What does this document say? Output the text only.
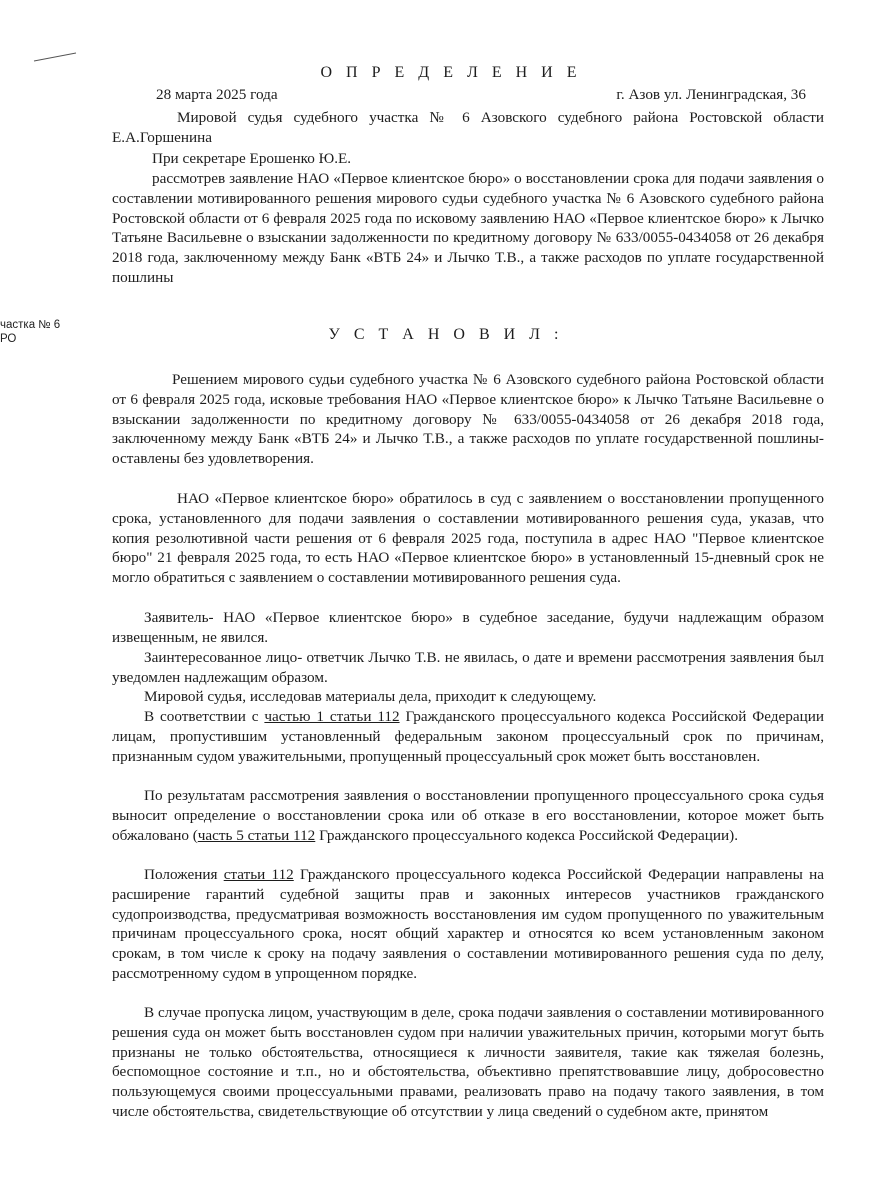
частка № 6
РО
О П Р Е Д Е Л Е Н И Е
28 марта 2025 года	г. Азов ул. Ленинградская, 36
Мировой судья судебного участка № 6 Азовского судебного района Ростовской области Е.А.Горшенина
При секретаре Ерошенко Ю.Е.
рассмотрев заявление НАО «Первое клиентское бюро» о восстановлении срока для подачи заявления о составлении мотивированного решения мирового судьи судебного участка № 6 Азовского судебного района Ростовской области от 6 февраля 2025 года по исковому заявлению НАО «Первое клиентское бюро» к Лычко Татьяне Васильевне о взыскании задолженности по кредитному договору № 633/0055-0434058 от 26 декабря 2018 года, заключенному между Банк «ВТБ 24» и Лычко Т.В., а также расходов по уплате государственной пошлины
У С Т А Н О В И Л :
Решением мирового судьи судебного участка № 6 Азовского судебного района Ростовской области от 6 февраля 2025 года, исковые требования НАО «Первое клиентское бюро» к Лычко Татьяне Васильевне о взыскании задолженности по кредитному договору № 633/0055-0434058 от 26 декабря 2018 года, заключенному между Банк «ВТБ 24» и Лычко Т.В., а также расходов по уплате государственной пошлины- оставлены без удовлетворения.
НАО «Первое клиентское бюро» обратилось в суд с заявлением о восстановлении пропущенного срока, установленного для подачи заявления о составлении мотивированного решения суда, указав, что копия резолютивной части решения от 6 февраля 2025 года, поступила в адрес НАО "Первое клиентское бюро" 21 февраля 2025 года, то есть НАО «Первое клиентское бюро» в установленный 15-дневный срок не могло обратиться с заявлением о составлении мотивированного решения суда.
Заявитель- НАО «Первое клиентское бюро» в судебное заседание, будучи надлежащим образом извещенным, не явился.
Заинтересованное лицо- ответчик Лычко Т.В. не явилась, о дате и времени рассмотрения заявления был уведомлен надлежащим образом.
Мировой судья, исследовав материалы дела, приходит к следующему.
В соответствии с частью 1 статьи 112 Гражданского процессуального кодекса Российской Федерации лицам, пропустившим установленный федеральным законом процессуальный срок по причинам, признанным судом уважительными, пропущенный процессуальный срок может быть восстановлен.
По результатам рассмотрения заявления о восстановлении пропущенного процессуального срока судья выносит определение о восстановлении срока или об отказе в его восстановлении, которое может быть обжаловано (часть 5 статьи 112 Гражданского процессуального кодекса Российской Федерации).
Положения статьи 112 Гражданского процессуального кодекса Российской Федерации направлены на расширение гарантий судебной защиты прав и законных интересов участников гражданского судопроизводства, предусматривая возможность восстановления им судом пропущенного по уважительным причинам процессуального срока, носят общий характер и относятся ко всем установленным законом срокам, в том числе к сроку на подачу заявления о составлении мотивированного решения суда по делу, рассмотренному судом в упрощенном порядке.
В случае пропуска лицом, участвующим в деле, срока подачи заявления о составлении мотивированного решения суда он может быть восстановлен судом при наличии уважительных причин, которыми могут быть признаны не только обстоятельства, относящиеся к личности заявителя, такие как тяжелая болезнь, беспомощное состояние и т.п., но и обстоятельства, объективно препятствовавшие лицу, добросовестно пользующемуся своими процессуальными правами, реализовать право на подачу такого заявления, в том числе обстоятельства, свидетельствующие об отсутствии у лица сведений о судебном акте, принятом
